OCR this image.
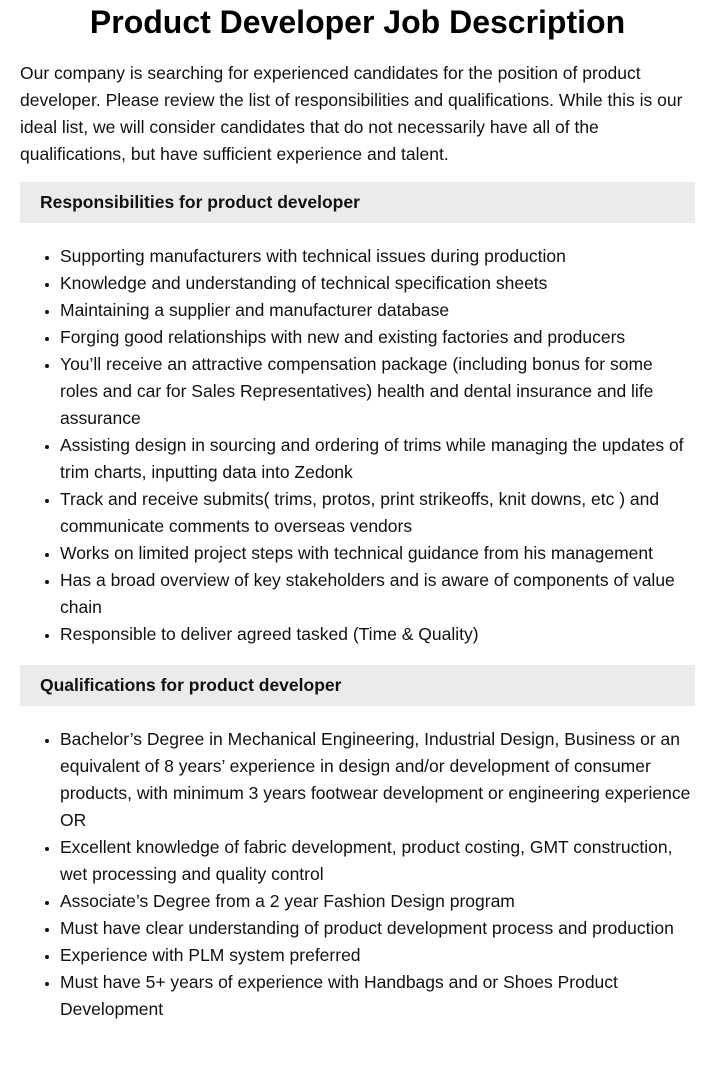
Product Developer Job Description

Our company is searching for experienced candidates for the position of product developer. Please review the list of responsibilities and qualifications. While this is our ideal list, we will consider candidates that do not necessarily have all of the qualifications, but have sufficient experience and talent.

Responsibilities for product developer
• Supporting manufacturers with technical issues during production
• Knowledge and understanding of technical specification sheets
• Maintaining a supplier and manufacturer database
• Forging good relationships with new and existing factories and producers
• You’ll receive an attractive compensation package (including bonus for some roles and car for Sales Representatives) health and dental insurance and life assurance
• Assisting design in sourcing and ordering of trims while managing the updates of trim charts, inputting data into Zedonk
• Track and receive submits( trims, protos, print strikeoffs, knit downs, etc ) and communicate comments to overseas vendors
• Works on limited project steps with technical guidance from his management
• Has a broad overview of key stakeholders and is aware of components of value chain
• Responsible to deliver agreed tasked (Time & Quality)
Qualifications for product developer
• Bachelor’s Degree in Mechanical Engineering, Industrial Design, Business or an equivalent of 8 years’ experience in design and/or development of consumer products, with minimum 3 years footwear development or engineering experience OR
• Excellent knowledge of fabric development, product costing, GMT construction, wet processing and quality control
• Associate’s Degree from a 2 year Fashion Design program
• Must have clear understanding of product development process and production
• Experience with PLM system preferred
• Must have 5+ years of experience with Handbags and or Shoes Product Development
